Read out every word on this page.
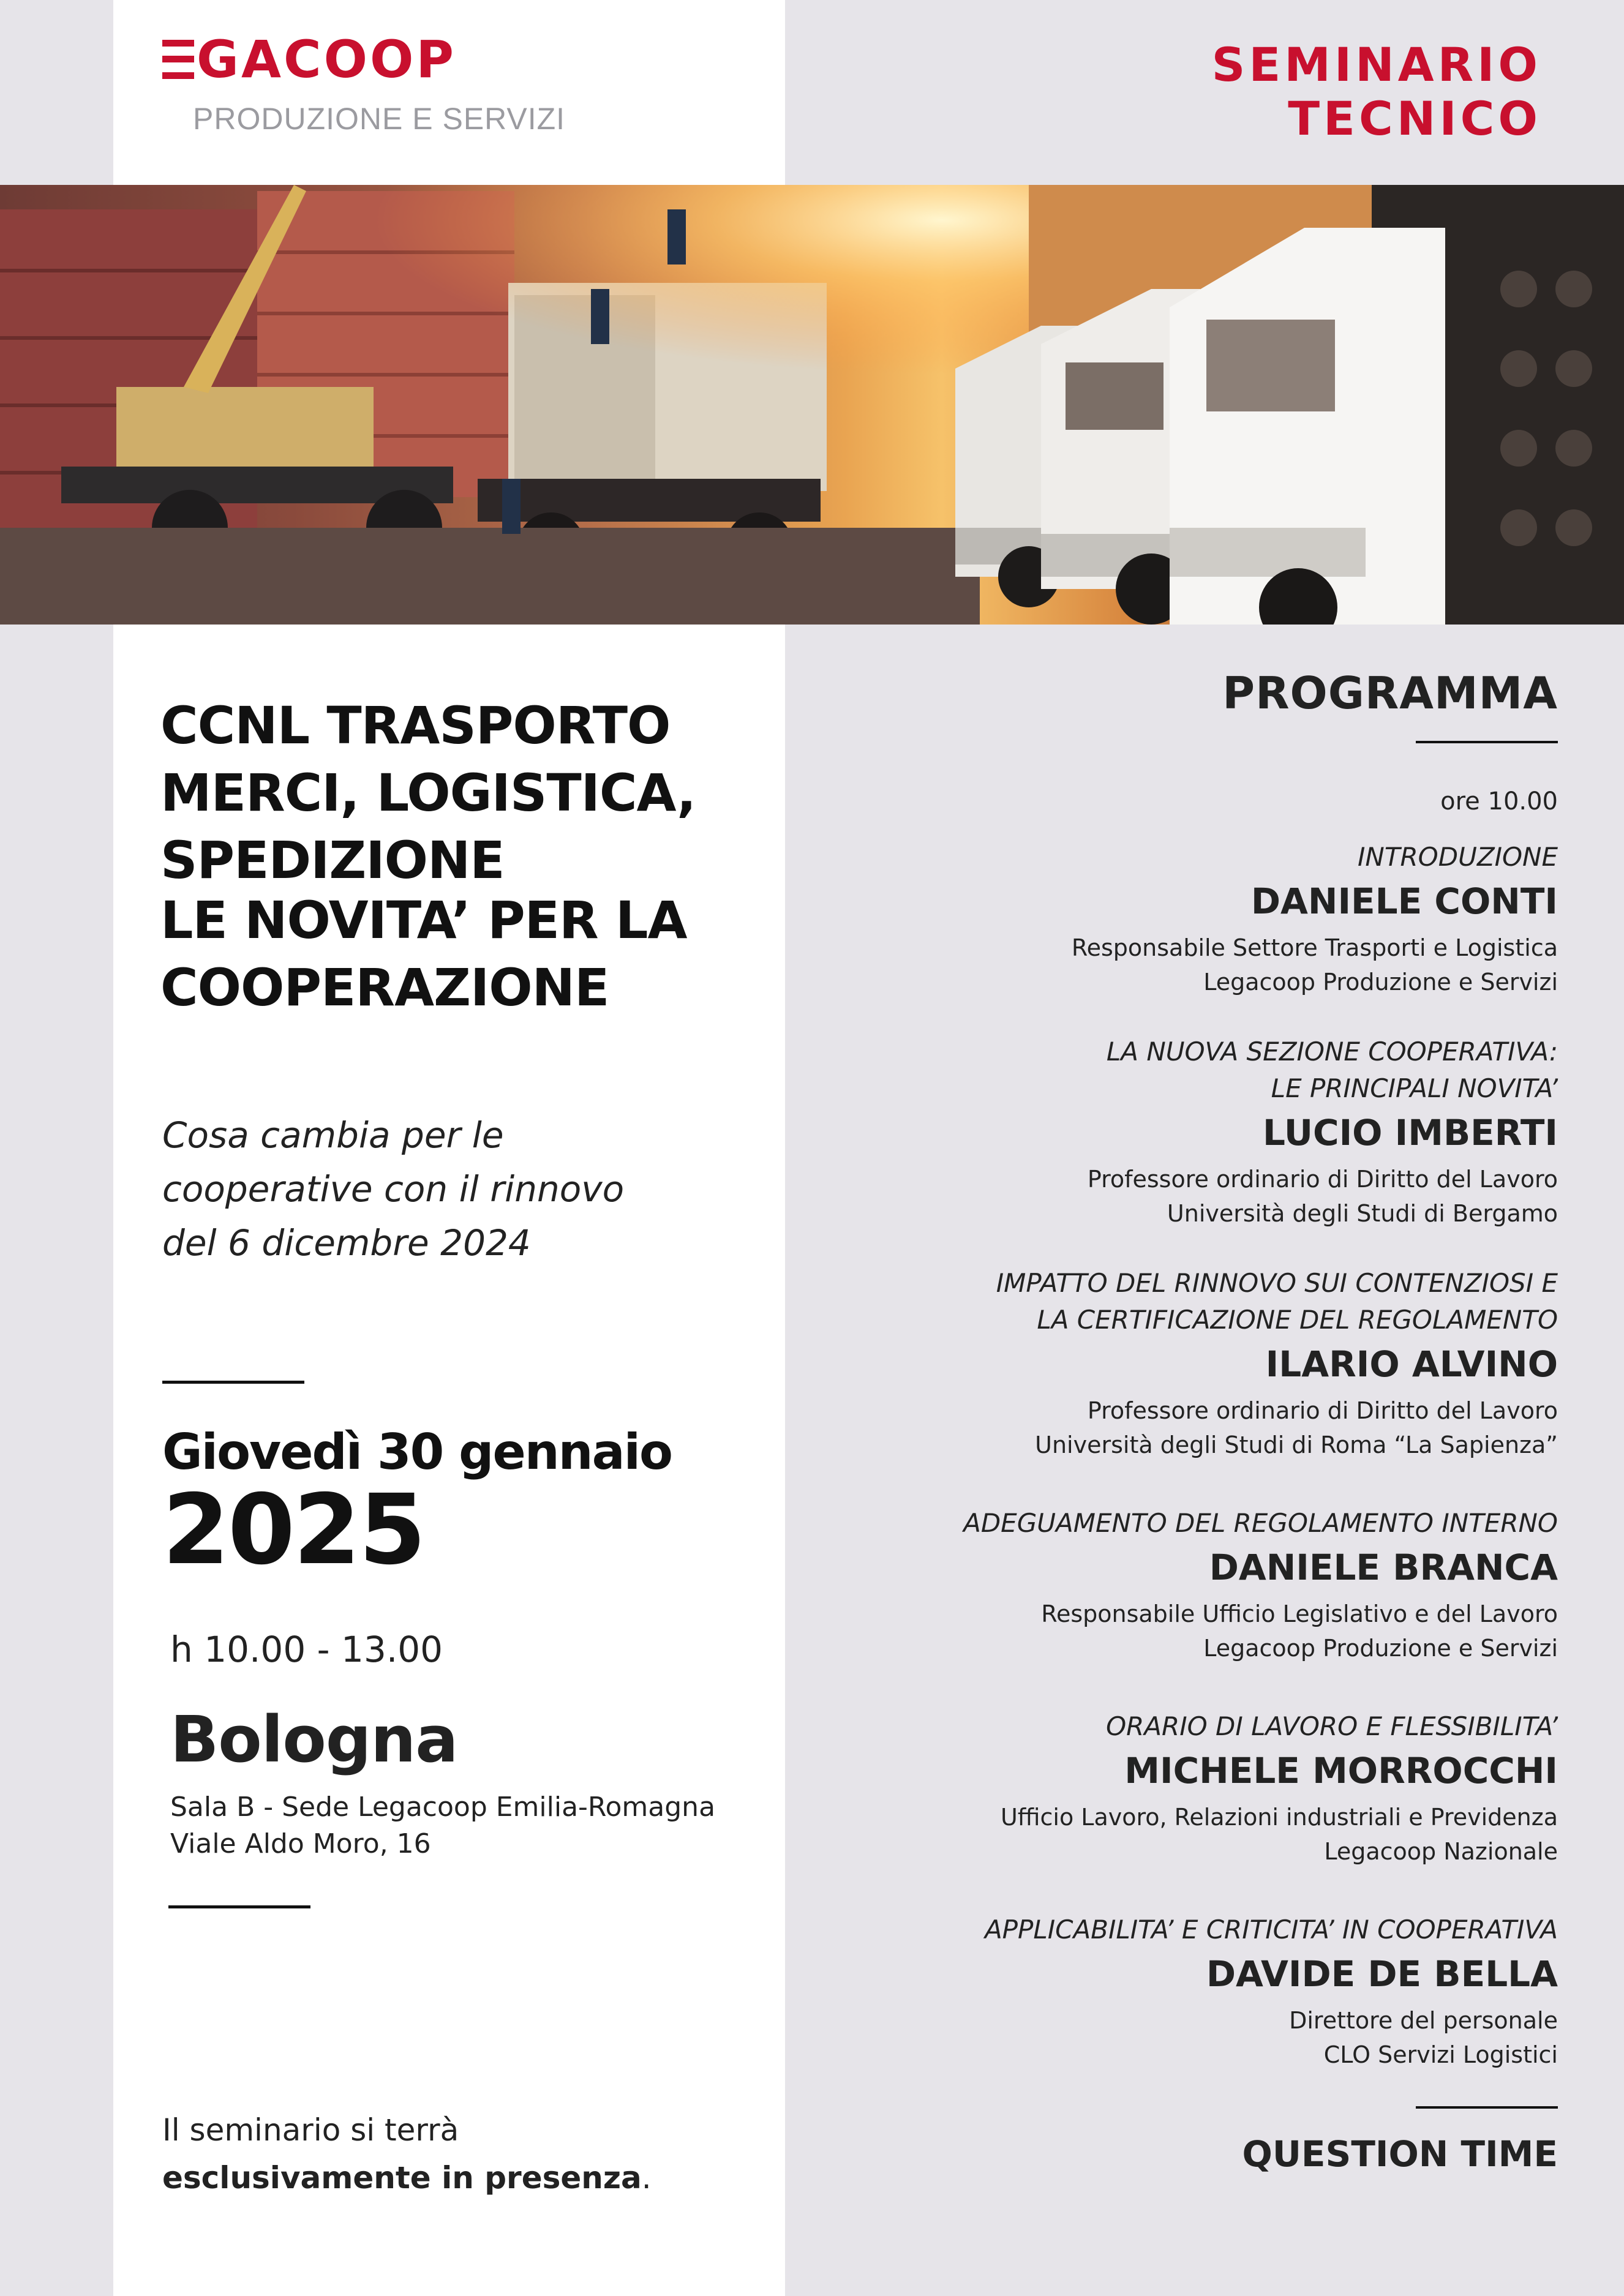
GACOOP
PRODUZIONE E SERVIZI
SEMINARIO
TECNICO
CCNL TRASPORTO
MERCI, LOGISTICA,
SPEDIZIONE
LE NOVITA’ PER LA
COOPERAZIONE
Cosa cambia per le
cooperative con il rinnovo
del 6 dicembre 2024
Giovedì 30 gennaio
2025
h 10.00 - 13.00
Bologna
Sala B - Sede Legacoop Emilia-Romagna
Viale Aldo Moro, 16
Il seminario si terrà
esclusivamente in presenza.
PROGRAMMA
ore 10.00
INTRODUZIONE
DANIELE CONTI
Responsabile Settore Trasporti e Logistica
Legacoop Produzione e Servizi
LA NUOVA SEZIONE COOPERATIVA:
LE PRINCIPALI NOVITA’
LUCIO IMBERTI
Professore ordinario di Diritto del Lavoro
Università degli Studi di Bergamo
IMPATTO DEL RINNOVO SUI CONTENZIOSI E
LA CERTIFICAZIONE DEL REGOLAMENTO
ILARIO ALVINO
Professore ordinario di Diritto del Lavoro
Università degli Studi di Roma “La Sapienza”
ADEGUAMENTO DEL REGOLAMENTO INTERNO
DANIELE BRANCA
Responsabile Ufficio Legislativo e del Lavoro
Legacoop Produzione e Servizi
ORARIO DI LAVORO E FLESSIBILITA’
MICHELE MORROCCHI
Ufficio Lavoro, Relazioni industriali e Previdenza
Legacoop Nazionale
APPLICABILITA’ E CRITICITA’ IN COOPERATIVA
DAVIDE DE BELLA
Direttore del personale
CLO Servizi Logistici
QUESTION TIME
